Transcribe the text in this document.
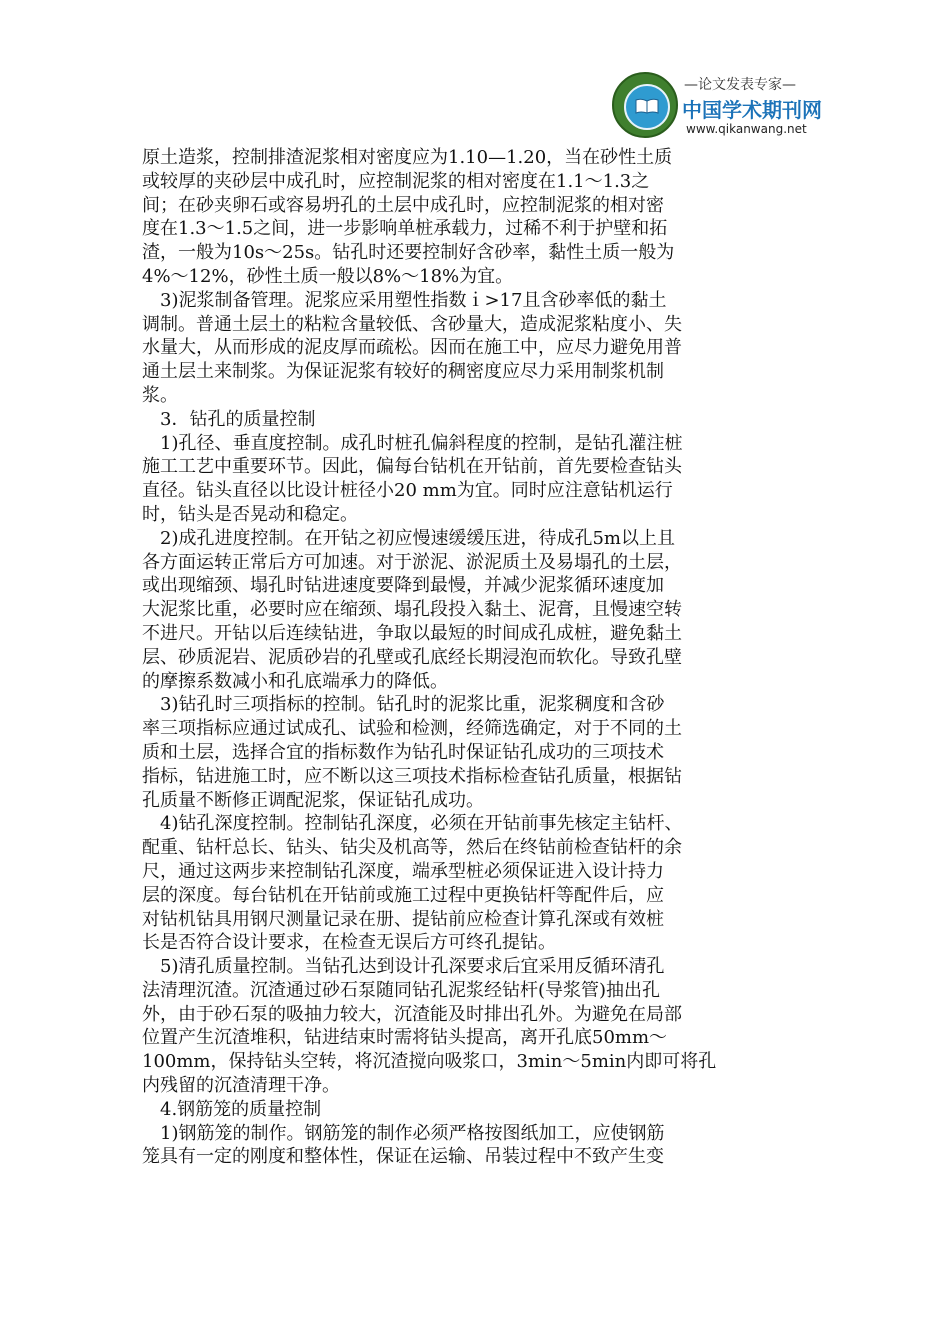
—论文发表专家—
中国学术期刊网
www.qikanwang.net
原土造浆，控制排渣泥浆相对密度应为1.10—1.20，当在砂性土质
或较厚的夹砂层中成孔时，应控制泥浆的相对密度在1.1～1.3之
间；在砂夹卵石或容易坍孔的土层中成孔时，应控制泥浆的相对密
度在1.3～1.5之间，进一步影响单桩承载力，过稀不利于护壁和拓
渣，一般为10s～25s。钻孔时还要控制好含砂率，黏性土质一般为
4%～12%，砂性土质一般以8%～18%为宜。
　3)泥浆制备管理。泥浆应采用塑性指数ｉ>17且含砂率低的黏土
调制。普通土层土的粘粒含量较低、含砂量大，造成泥浆粘度小、失
水量大，从而形成的泥皮厚而疏松。因而在施工中，应尽力避免用普
通土层土来制浆。为保证泥浆有较好的稠密度应尽力采用制浆机制
浆。
　3．钻孔的质量控制
　1)孔径、垂直度控制。成孔时桩孔偏斜程度的控制，是钻孔灌注桩
施工工艺中重要环节。因此，偏每台钻机在开钻前，首先要检查钻头
直径。钻头直径以比设计桩径小20 mm为宜。同时应注意钻机运行
时，钻头是否晃动和稳定。
　2)成孔进度控制。在开钻之初应慢速缓缓压进，待成孔5m以上且
各方面运转正常后方可加速。对于淤泥、淤泥质土及易塌孔的土层，
或出现缩颈、塌孔时钻进速度要降到最慢，并减少泥浆循环速度加
大泥浆比重，必要时应在缩颈、塌孔段投入黏土、泥膏，且慢速空转
不进尺。开钻以后连续钻进，争取以最短的时间成孔成桩，避免黏土
层、砂质泥岩、泥质砂岩的孔壁或孔底经长期浸泡而软化。导致孔壁
的摩擦系数减小和孔底端承力的降低。
　3)钻孔时三项指标的控制。钻孔时的泥浆比重，泥浆稠度和含砂
率三项指标应通过试成孔、试验和检测，经筛选确定，对于不同的土
质和土层，选择合宜的指标数作为钻孔时保证钻孔成功的三项技术
指标，钻进施工时，应不断以这三项技术指标检查钻孔质量，根据钻
孔质量不断修正调配泥浆，保证钻孔成功。
　4)钻孔深度控制。控制钻孔深度，必须在开钻前事先核定主钻杆、
配重、钻杆总长、钻头、钻尖及机高等，然后在终钻前检查钻杆的余
尺，通过这两步来控制钻孔深度，端承型桩必须保证进入设计持力
层的深度。每台钻机在开钻前或施工过程中更换钻杆等配件后，应
对钻机钻具用钢尺测量记录在册、提钻前应检查计算孔深或有效桩
长是否符合设计要求，在检查无误后方可终孔提钻。
　5)清孔质量控制。当钻孔达到设计孔深要求后宜采用反循环清孔
法清理沉渣。沉渣通过砂石泵随同钻孔泥浆经钻杆(导浆管)抽出孔
外，由于砂石泵的吸抽力较大，沉渣能及时排出孔外。为避免在局部
位置产生沉渣堆积，钻进结束时需将钻头提高，离开孔底50mm～
100mm，保持钻头空转，将沉渣搅向吸浆口，3min～5min内即可将孔
内残留的沉渣清理干净。
　4.钢筋笼的质量控制
　1)钢筋笼的制作。钢筋笼的制作必须严格按图纸加工，应使钢筋
笼具有一定的刚度和整体性，保证在运输、吊装过程中不致产生变
